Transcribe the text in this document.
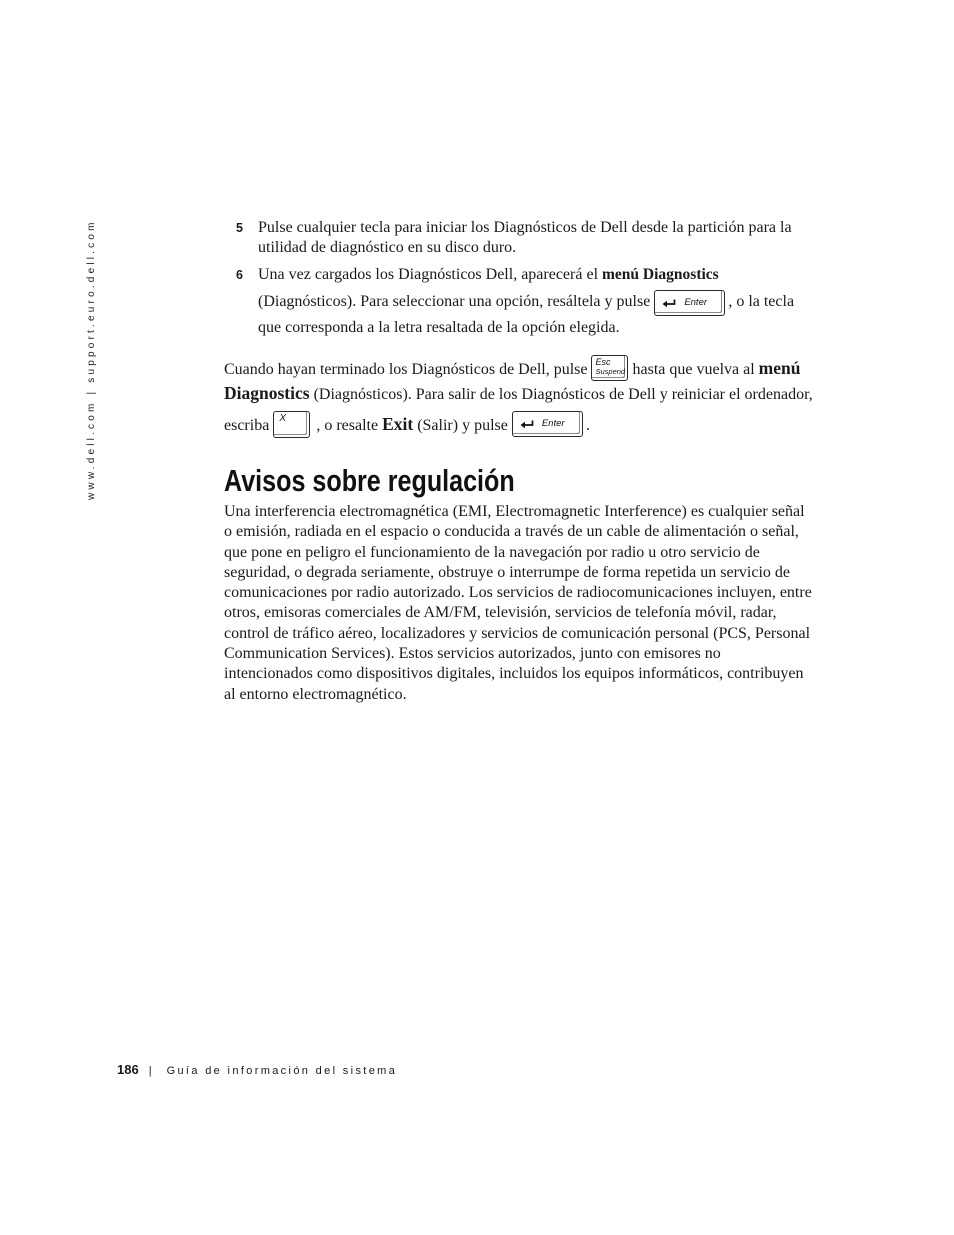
www.dell.com | support.euro.dell.com	5 Pulse cualquier tecla para iniciar los Diagnósticos de Dell desde la partición para la
utilidad de diagnóstico en su disco duro.
6 Una vez cargados los Diagnósticos Dell, aparecerá el menú Diagnostics
(Diagnósticos). Para seleccionar una opción, resáltela y pulse	Enter , o la tecla
que corresponda a la letra resaltada de la opción elegida.
Cuando hayan terminado los Diagnósticos de Dell, pulse Esc
Suspend hasta que vuelva al menú
Diagnostics (Diagnósticos). Para salir de los Diagnósticos de Dell y reiniciar el ordenador,
escriba X , o resalte Exit (Salir) y pulse	Enter .
Avisos sobre regulación
Una interferencia electromagnética (EMI, Electromagnetic Interference) es cualquier señal
o emisión, radiada en el espacio o conducida a través de un cable de alimentación o señal,
que pone en peligro el funcionamiento de la navegación por radio u otro servicio de
seguridad, o degrada seriamente, obstruye o interrumpe de forma repetida un servicio de
comunicaciones por radio autorizado. Los servicios de radiocomunicaciones incluyen, entre
otros, emisoras comerciales de AM/FM, televisión, servicios de telefonía móvil, radar,
control de tráfico aéreo, localizadores y servicios de comunicación personal (PCS, Personal
Communication Services). Estos servicios autorizados, junto con emisores no
intencionados como dispositivos digitales, incluidos los equipos informáticos, contribuyen
al entorno electromagnético.
186 | Guía de información del sistema
